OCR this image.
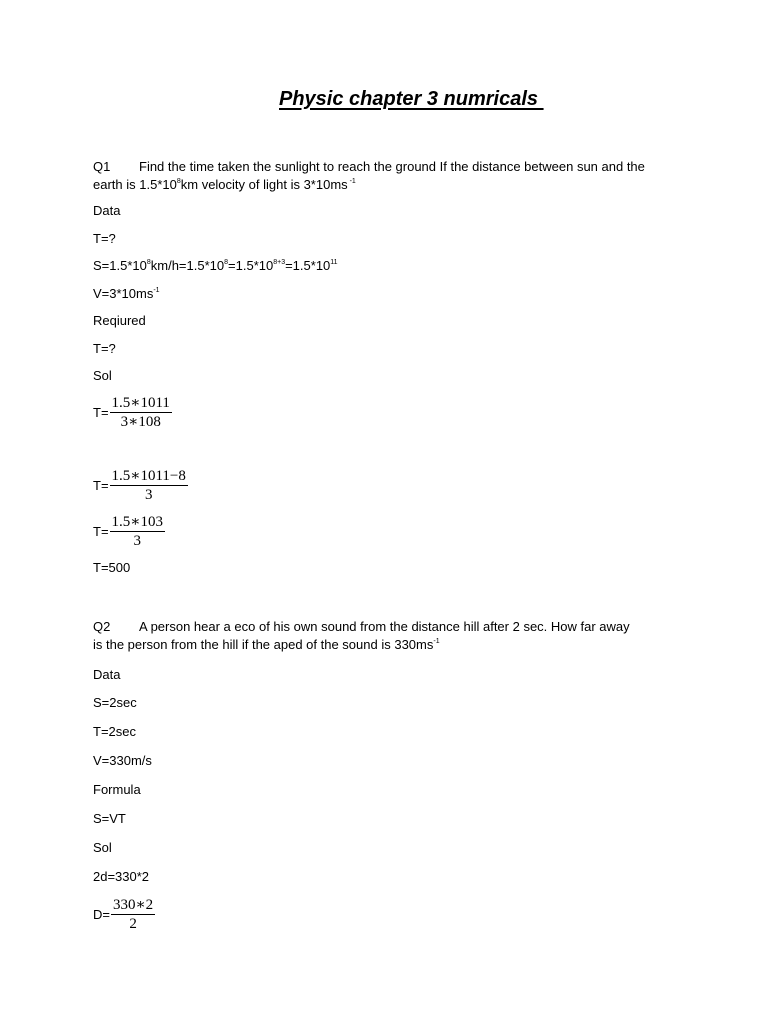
Physic chapter 3 numricals
Q1 Find the time taken the sunlight to reach the ground If the distance between sun and the
earth is $1.5*10^8km$ velocity of light is 3*10ms $^{-1}$
Data
T=?
$S=1.5*10^8km/h=1.5*10^8=1.5*10^{8+3}=1.5*10^{11}$
$V=3*10ms^{-1}$
Reqiured
T=?
Sol
$T= \frac{1.5∗1011}{3∗108}$
$T= \frac{1.5∗1011-8}{3}$
$T= \frac{1.5∗103}{3}$
T=500
Q2 A person hear a eco of his own sound from the distance hill after 2 sec. How far away
is the person from the hill if the aped of the sound is $330ms^{-1}$
Data
S=2sec
T=2sec
V=330m/s
Formula
S=VT
Sol
2d=330*2
$D= \frac{330∗2}{2}$
